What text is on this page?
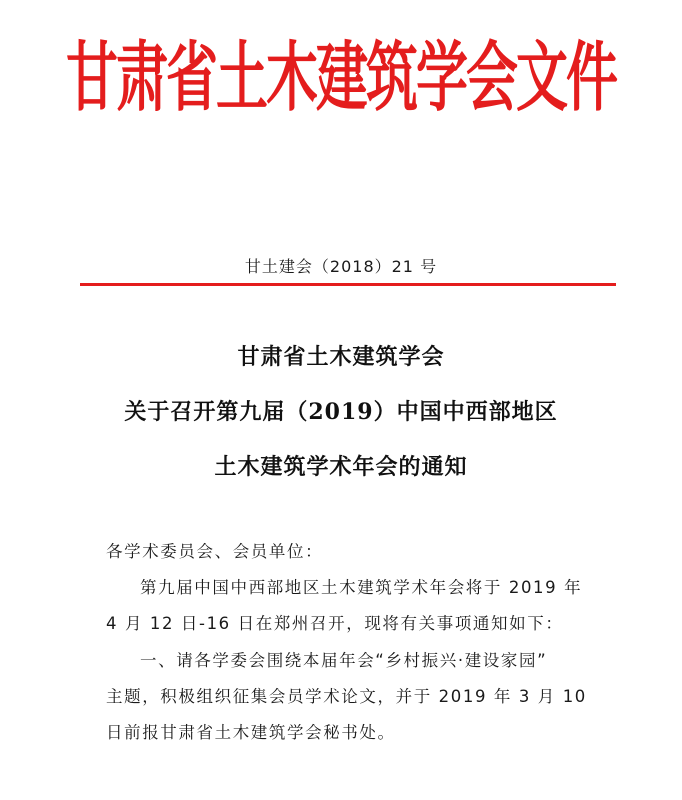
甘肃省土木建筑学会文件
甘土建会（2018）21 号
甘肃省土木建筑学会
关于召开第九届（2019）中国中西部地区
土木建筑学术年会的通知
各学术委员会、会员单位：
第九届中国中西部地区土木建筑学术年会将于 2019 年
4 月 12 日-16 日在郑州召开，现将有关事项通知如下：
一、请各学委会围绕本届年会“乡村振兴·建设家园”
主题，积极组织征集会员学术论文，并于 2019 年 3 月 10
日前报甘肃省土木建筑学会秘书处。
